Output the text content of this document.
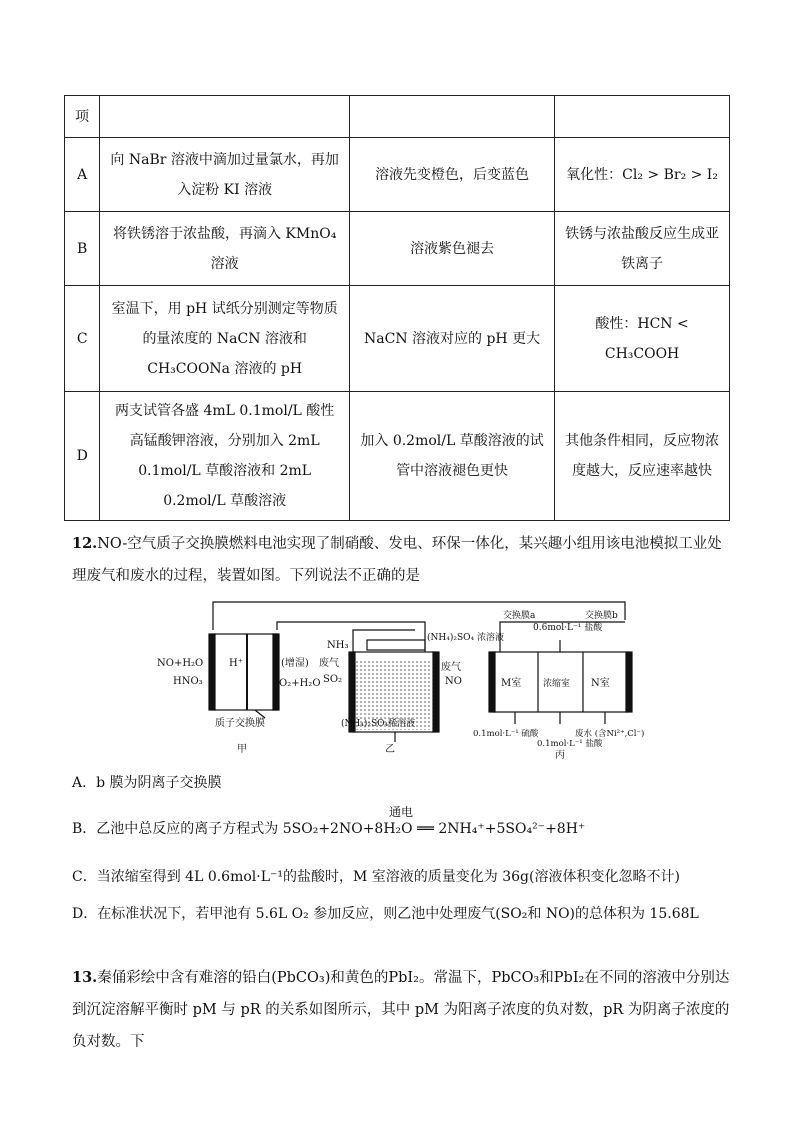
项			
A	向 NaBr 溶液中滴加过量氯水，再加入淀粉 KI 溶液	溶液先变橙色，后变蓝色	氧化性：Cl₂ > Br₂ > I₂
B	将铁锈溶于浓盐酸，再滴入 KMnO₄ 溶液	溶液紫色褪去	铁锈与浓盐酸反应生成亚铁离子
C	室温下，用 pH 试纸分别测定等物质的量浓度的 NaCN 溶液和 CH₃COONa 溶液的 pH	NaCN 溶液对应的 pH 更大	酸性：HCN < CH₃COOH
D	两支试管各盛 4mL 0.1mol/L 酸性高锰酸钾溶液，分别加入 2mL 0.1mol/L 草酸溶液和 2mL 0.2mol/L 草酸溶液	加入 0.2mol/L 草酸溶液的试管中溶液褪色更快	其他条件相同，反应物浓度越大，反应速率越快
12.NO-空气质子交换膜燃料电池实现了制硝酸、发电、环保一体化，某兴趣小组用该电池模拟工业处理废气和废水的过程，装置如图。下列说法不正确的是
NO+H₂O
HNO₃
H⁺	(增湿)
O₂+H₂O
质子交换膜
甲
NH₃
废气
SO₂
(NH₄)₂SO₄ 浓溶液
废气
NO
(NH₄)₂SO₄稀溶液
乙
交换膜a	交换膜b
0.6mol·L⁻¹ 盐酸
M室 浓缩室 N室
0.1mol·L⁻¹ 硫酸
0.1mol·L⁻¹ 盐酸
废水 (含Ni²⁺,Cl⁻)
丙
A．b 膜为阴离子交换膜
B．乙池中总反应的离子方程式为 5SO₂+2NO+8H₂O ══ 2NH₄⁺+5SO₄²⁻+8H⁺
通电
C．当浓缩室得到 4L 0.6mol·L⁻¹的盐酸时，M 室溶液的质量变化为 36g(溶液体积变化忽略不计)
D．在标准状况下，若甲池有 5.6L O₂ 参加反应，则乙池中处理废气(SO₂和 NO)的总体积为 15.68L
13.秦俑彩绘中含有难溶的铅白(PbCO₃)和黄色的PbI₂。常温下，PbCO₃和PbI₂在不同的溶液中分别达到沉淀溶解平衡时 pM 与 pR 的关系如图所示，其中 pM 为阳离子浓度的负对数，pR 为阴离子浓度的负对数。下
